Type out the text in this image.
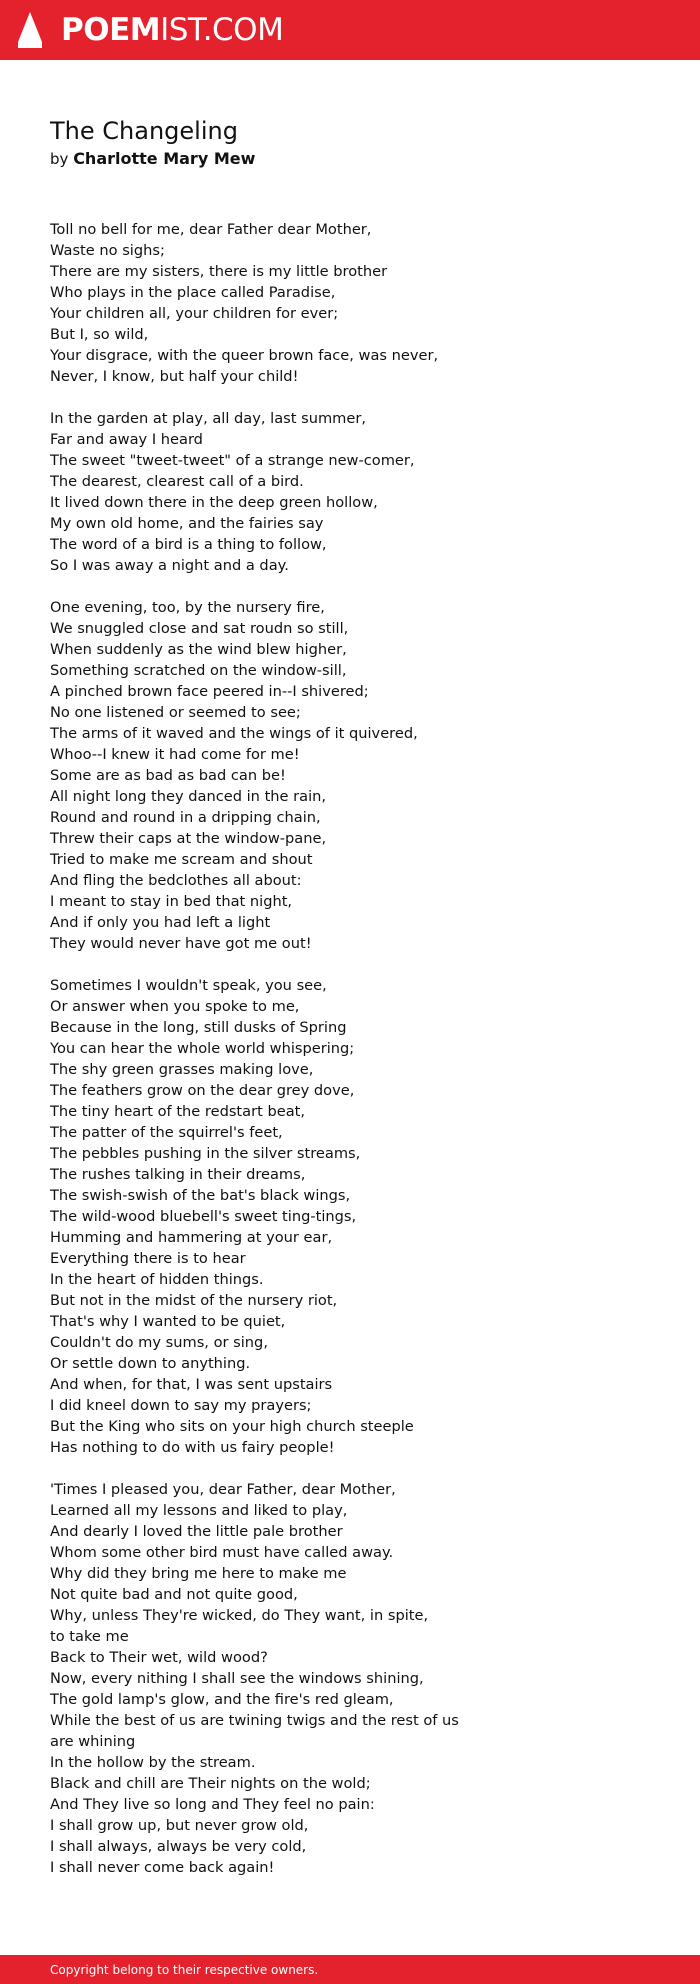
POEMIST.COM
The Changeling
by Charlotte Mary Mew
Toll no bell for me, dear Father dear Mother,
Waste no sighs;
There are my sisters, there is my little brother
Who plays in the place called Paradise,
Your children all, your children for ever;
But I, so wild,
Your disgrace, with the queer brown face, was never,
Never, I know, but half your child!
In the garden at play, all day, last summer,
Far and away I heard
The sweet "tweet-tweet" of a strange new-comer,
The dearest, clearest call of a bird.
It lived down there in the deep green hollow,
My own old home, and the fairies say
The word of a bird is a thing to follow,
So I was away a night and a day.
One evening, too, by the nursery fire,
We snuggled close and sat roudn so still,
When suddenly as the wind blew higher,
Something scratched on the window-sill,
A pinched brown face peered in--I shivered;
No one listened or seemed to see;
The arms of it waved and the wings of it quivered,
Whoo--I knew it had come for me!
Some are as bad as bad can be!
All night long they danced in the rain,
Round and round in a dripping chain,
Threw their caps at the window-pane,
Tried to make me scream and shout
And fling the bedclothes all about:
I meant to stay in bed that night,
And if only you had left a light
They would never have got me out!
Sometimes I wouldn't speak, you see,
Or answer when you spoke to me,
Because in the long, still dusks of Spring
You can hear the whole world whispering;
The shy green grasses making love,
The feathers grow on the dear grey dove,
The tiny heart of the redstart beat,
The patter of the squirrel's feet,
The pebbles pushing in the silver streams,
The rushes talking in their dreams,
The swish-swish of the bat's black wings,
The wild-wood bluebell's sweet ting-tings,
Humming and hammering at your ear,
Everything there is to hear
In the heart of hidden things.
But not in the midst of the nursery riot,
That's why I wanted to be quiet,
Couldn't do my sums, or sing,
Or settle down to anything.
And when, for that, I was sent upstairs
I did kneel down to say my prayers;
But the King who sits on your high church steeple
Has nothing to do with us fairy people!
'Times I pleased you, dear Father, dear Mother,
Learned all my lessons and liked to play,
And dearly I loved the little pale brother
Whom some other bird must have called away.
Why did they bring me here to make me
Not quite bad and not quite good,
Why, unless They're wicked, do They want, in spite,
to take me
Back to Their wet, wild wood?
Now, every nithing I shall see the windows shining,
The gold lamp's glow, and the fire's red gleam,
While the best of us are twining twigs and the rest of us
are whining
In the hollow by the stream.
Black and chill are Their nights on the wold;
And They live so long and They feel no pain:
I shall grow up, but never grow old,
I shall always, always be very cold,
I shall never come back again!
Copyright belong to their respective owners.
